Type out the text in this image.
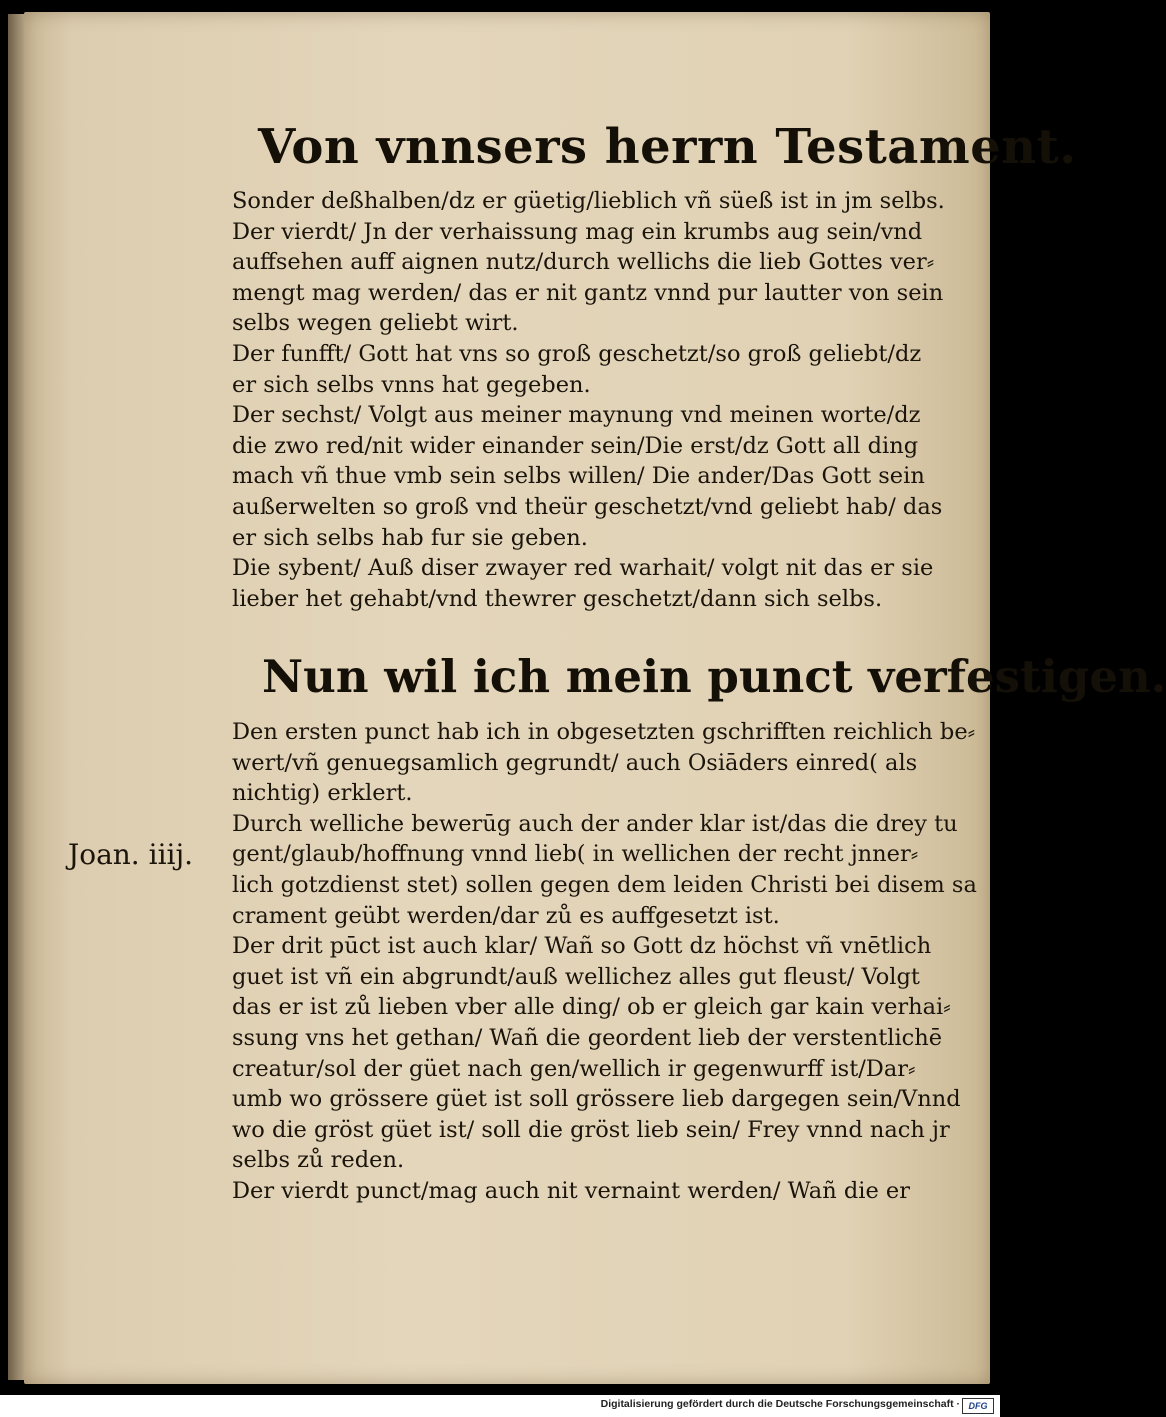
Von vnnsers herrn Testament.
Sonder deßhalben/dz er güetig/lieblich vñ süeß ist in jm selbs.
Der vierdt/ Jn der verhaissung mag ein krumbs aug sein/vnd
auffsehen auff aignen nutz/durch wellichs die lieb Gottes ver⸗
mengt mag werden/ das er nit gantz vnnd pur lautter von sein
selbs wegen geliebt wirt.
Der funfft/ Gott hat vns so groß geschetzt/so groß geliebt/dz
er sich selbs vnns hat gegeben.
Der sechst/ Volgt aus meiner maynung vnd meinen worte/dz
die zwo red/nit wider einander sein/Die erst/dz Gott all ding
mach vñ thue vmb sein selbs willen/ Die ander/Das Gott sein
außerwelten so groß vnd theür geschetzt/vnd geliebt hab/ das
er sich selbs hab fur sie geben.
Die sybent/ Auß diser zwayer red warhait/ volgt nit das er sie
lieber het gehabt/vnd thewrer geschetzt/dann sich selbs.
Nun wil ich mein punct verfestigen.
Joan. iiij.
Den ersten punct hab ich in obgesetzten gschrifften reichlich be⸗
wert/vñ genuegsamlich gegrundt/ auch Osiāders einred( als
nichtig) erklert.
Durch welliche bewerūg auch der ander klar ist/das die drey tu
gent/glaub/hoffnung vnnd lieb( in wellichen der recht jnner⸗
lich gotzdienst stet) sollen gegen dem leiden Christi bei disem sa
crament geübt werden/dar zů es auffgesetzt ist.
Der drit pūct ist auch klar/ Wañ so Gott dz höchst vñ vnētlich
guet ist vñ ein abgrundt/auß wellichez alles gut fleust/ Volgt
das er ist zů lieben vber alle ding/ ob er gleich gar kain verhai⸗
ssung vns het gethan/ Wañ die geordent lieb der verstentlichē
creatur/sol der güet nach gen/wellich ir gegenwurff ist/Dar⸗
umb wo grössere güet ist soll grössere lieb dargegen sein/Vnnd
wo die gröst güet ist/ soll die gröst lieb sein/ Frey vnnd nach jr
selbs zů reden.
Der vierdt punct/mag auch nit vernaint werden/ Wañ die er
Digitalisierung gefördert durch die Deutsche Forschungsgemeinschaft · DFG
